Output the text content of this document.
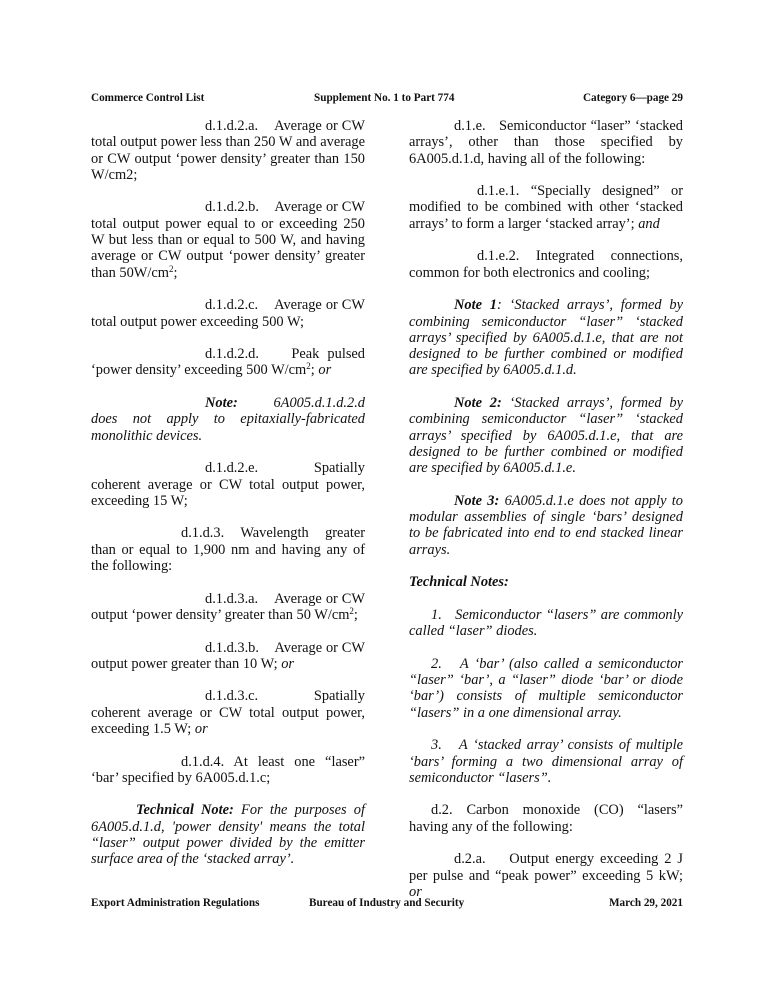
Commerce Control List	Supplement No. 1 to Part 774	Category 6—page 29

d.1.d.2.a. Average or CW total output power less than 250 W and average or CW output ‘power density’ greater than 150 W/cm2;

d.1.d.2.b. Average or CW total output power equal to or exceeding 250 W but less than or equal to 500 W, and having average or CW output ‘power density’ greater than $50W/cm^2$;

d.1.d.2.c. Average or CW total output power exceeding 500 W;

d.1.d.2.d. Peak pulsed ‘power density’ exceeding 500 $W/cm^2$; or

Note: 6A005.d.1.d.2.d does not apply to epitaxially-fabricated monolithic devices.

d.1.d.2.e.	Spatially coherent average or CW total output power, exceeding 15 W;

d.1.d.3. Wavelength greater than or equal to 1,900 nm and having any of the following:

d.1.d.3.a. Average or CW output ‘power density’ greater than 50 $W/cm^2$;

d.1.d.3.b. Average or CW output power greater than 10 W; or

d.1.d.3.c.	Spatially coherent average or CW total output power, exceeding 1.5 W; or

d.1.d.4. At least one “laser” ‘bar’ specified by 6A005.d.1.c;

Technical Note: For the purposes of 6A005.d.1.d, 'power density' means the total “laser” output power divided by the emitter surface area of the ‘stacked array’.

d.1.e. Semiconductor “laser” ‘stacked arrays’, other than those specified by 6A005.d.1.d, having all of the following:

d.1.e.1. “Specially designed” or modified to be combined with other ‘stacked arrays’ to form a larger ‘stacked array’; and

d.1.e.2. Integrated connections, common for both electronics and cooling;

Note 1: ‘Stacked arrays’, formed by combining semiconductor “laser” ‘stacked arrays’ specified by 6A005.d.1.e, that are not designed to be further combined or modified are specified by 6A005.d.1.d.

Note 2: ‘Stacked arrays’, formed by combining semiconductor “laser” ‘stacked arrays’ specified by 6A005.d.1.e, that are designed to be further combined or modified are specified by 6A005.d.1.e.

Note 3: 6A005.d.1.e does not apply to modular assemblies of single ‘bars’ designed to be fabricated into end to end stacked linear arrays.

Technical Notes:

1. Semiconductor “lasers” are commonly called “laser” diodes.

2. A ‘bar’ (also called a semiconductor “laser” ‘bar’, a “laser” diode ‘bar’ or diode ‘bar’) consists of multiple semiconductor “lasers” in a one dimensional array.

3. A ‘stacked array’ consists of multiple ‘bars’ forming a two dimensional array of semiconductor “lasers”.

d.2. Carbon monoxide (CO) “lasers” having any of the following:

d.2.a. Output energy exceeding 2 J per pulse and “peak power” exceeding 5 kW; or

Export Administration Regulations	Bureau of Industry and Security	March 29, 2021
